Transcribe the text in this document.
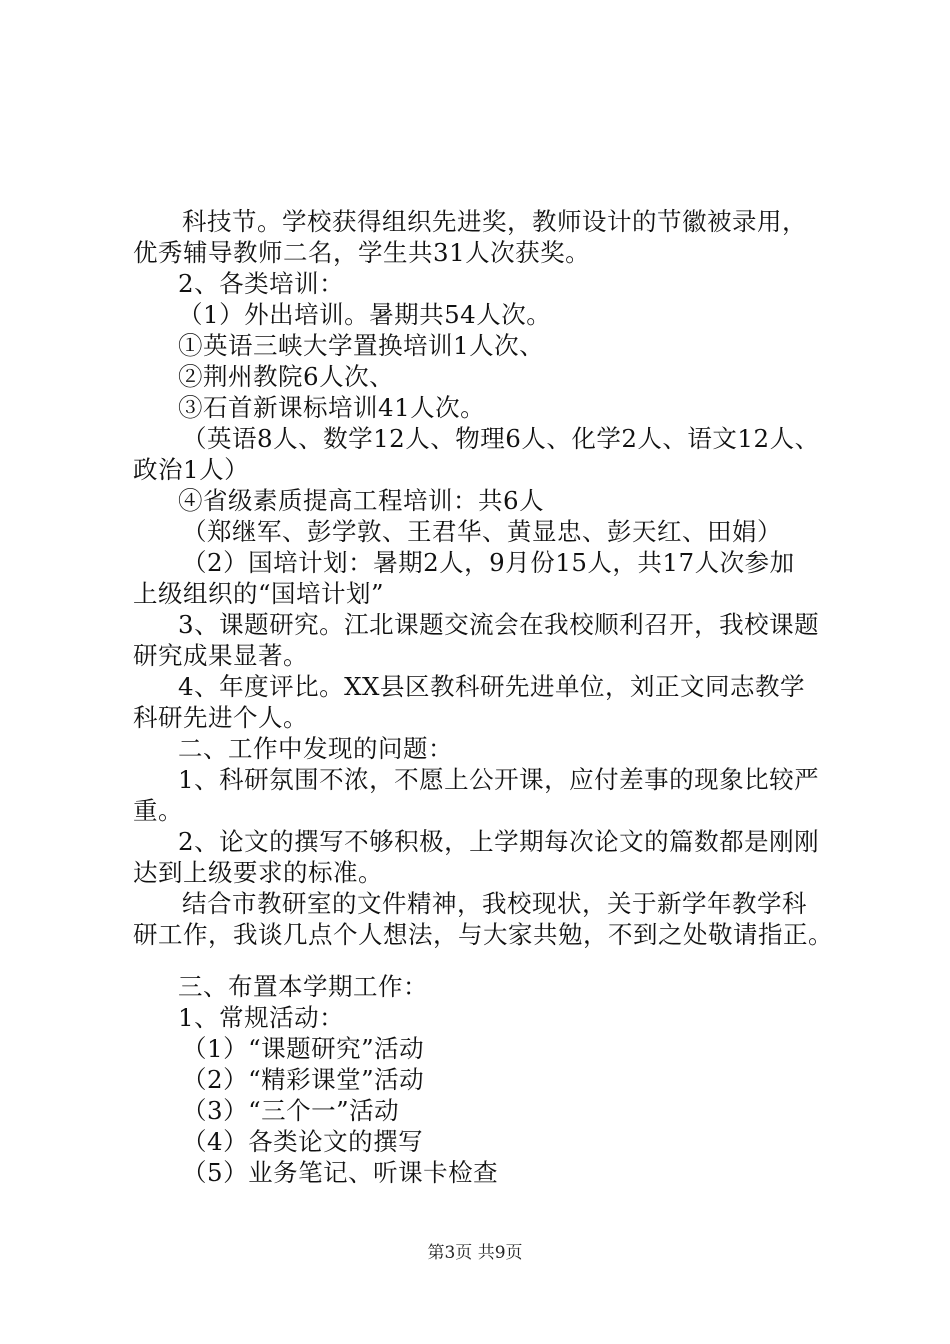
科技节。学校获得组织先进奖，教师设计的节徽被录用，
优秀辅导教师二名，学生共31人次获奖。
2、各类培训：
（1）外出培训。暑期共54人次。
①英语三峡大学置换培训1人次、
②荆州教院6人次、
③石首新课标培训41人次。
（英语8人、数学12人、物理6人、化学2人、语文12人、
政治1人）
④省级素质提高工程培训：共6人
（郑继军、彭学敦、王君华、黄显忠、彭天红、田娟）
（2）国培计划：暑期2人，9月份15人，共17人次参加
上级组织的“国培计划”
3、课题研究。江北课题交流会在我校顺利召开，我校课题
研究成果显著。
4、年度评比。XX县区教科研先进单位，刘正文同志教学
科研先进个人。
二、工作中发现的问题：
1、科研氛围不浓，不愿上公开课，应付差事的现象比较严
重。
2、论文的撰写不够积极，上学期每次论文的篇数都是刚刚
达到上级要求的标准。
结合市教研室的文件精神，我校现状，关于新学年教学科
研工作，我谈几点个人想法，与大家共勉，不到之处敬请指正。
三、布置本学期工作：
1、常规活动：
（1）“课题研究”活动
（2）“精彩课堂”活动
（3）“三个一”活动
（4）各类论文的撰写
（5）业务笔记、听课卡检查
第3页 共9页
